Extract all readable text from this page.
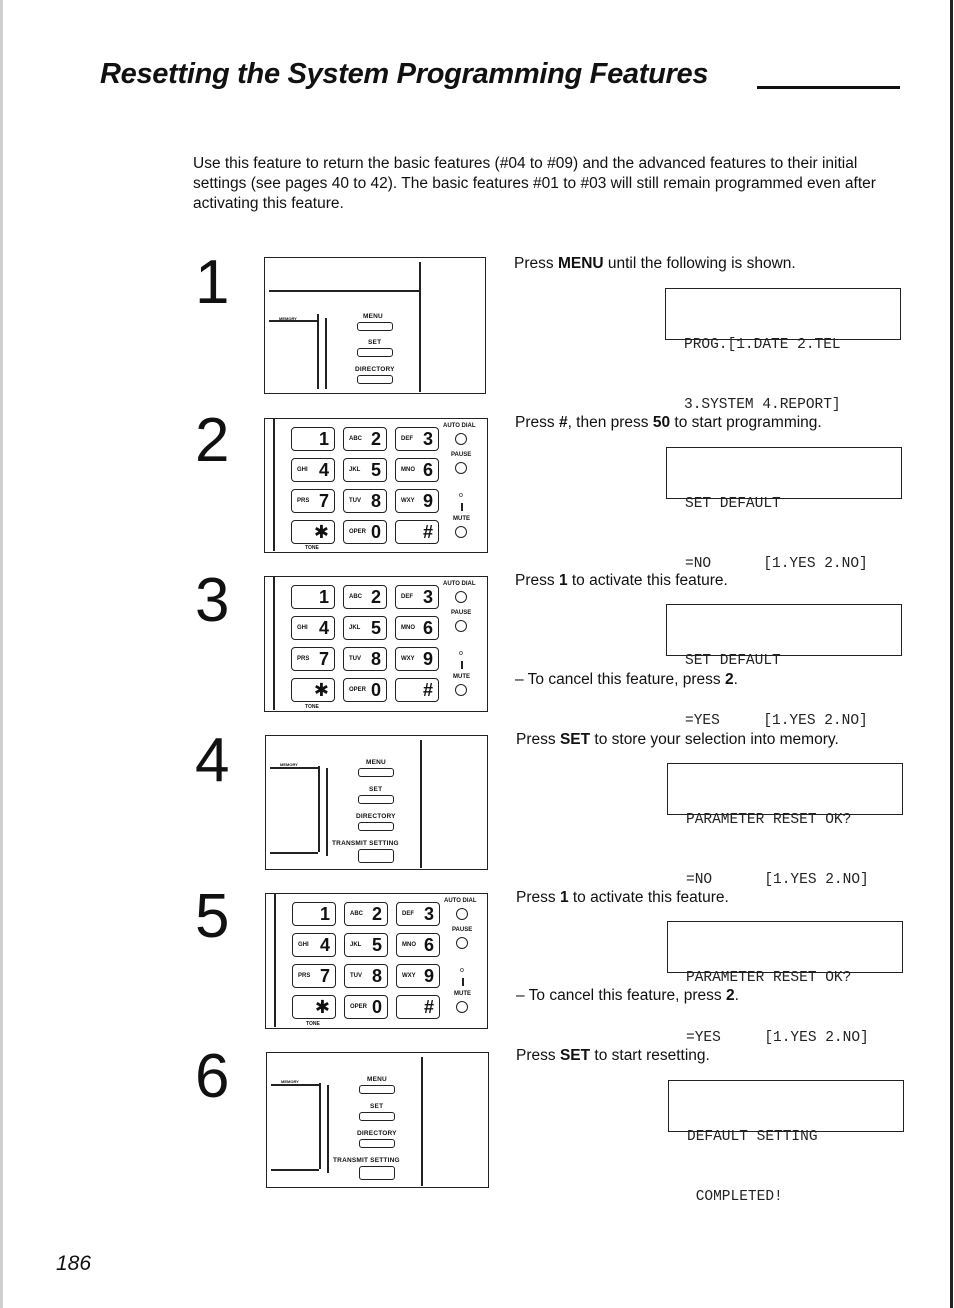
Resetting the System Programming Features

Use this feature to return the basic features (#04 to #09) and the advanced features to their initial settings (see pages 40 to 42). The basic features #01 to #03 will still remain programmed even after activating this feature.

1
MEMORY	MENU
SET
DIRECTORY

Press MENU until the following is shown.

PROG.[1.DATE 2.TEL

3.SYSTEM 4.REPORT]

2	1	ABC 2	DEF 3
GHI 4	JKL 5	MNO 6
PRS 7	TUV 8	WXY 9
✱	OPER 0 #
AUTO DIAL
PAUSE
o
MUTE
TONE

Press #, then press 50 to start programming.

SET DEFAULT

=NO      [1.YES 2.NO]

3	1	ABC 2	DEF 3
GHI 4	JKL 5	MNO 6
PRS 7	TUV 8	WXY 9
✱	OPER 0 #
AUTO DIAL
PAUSE
o
MUTE
TONE

Press 1 to activate this feature.

SET DEFAULT

=YES     [1.YES 2.NO]

– To cancel this feature, press 2.

4	MEMORY	MENU
SET
DIRECTORY
TRANSMIT SETTING

Press SET to store your selection into memory.

PARAMETER RESET OK?

=NO      [1.YES 2.NO]

5	1	ABC 2	DEF 3
GHI 4	JKL 5	MNO 6
PRS 7	TUV 8	WXY 9
✱	OPER 0 #
AUTO DIAL
PAUSE
o
MUTE
TONE

Press 1 to activate this feature.

PARAMETER RESET OK?

=YES     [1.YES 2.NO]

– To cancel this feature, press 2.

6	MEMORY	MENU
SET
DIRECTORY
TRANSMIT SETTING

Press SET to start resetting.

DEFAULT SETTING

COMPLETED!

186
